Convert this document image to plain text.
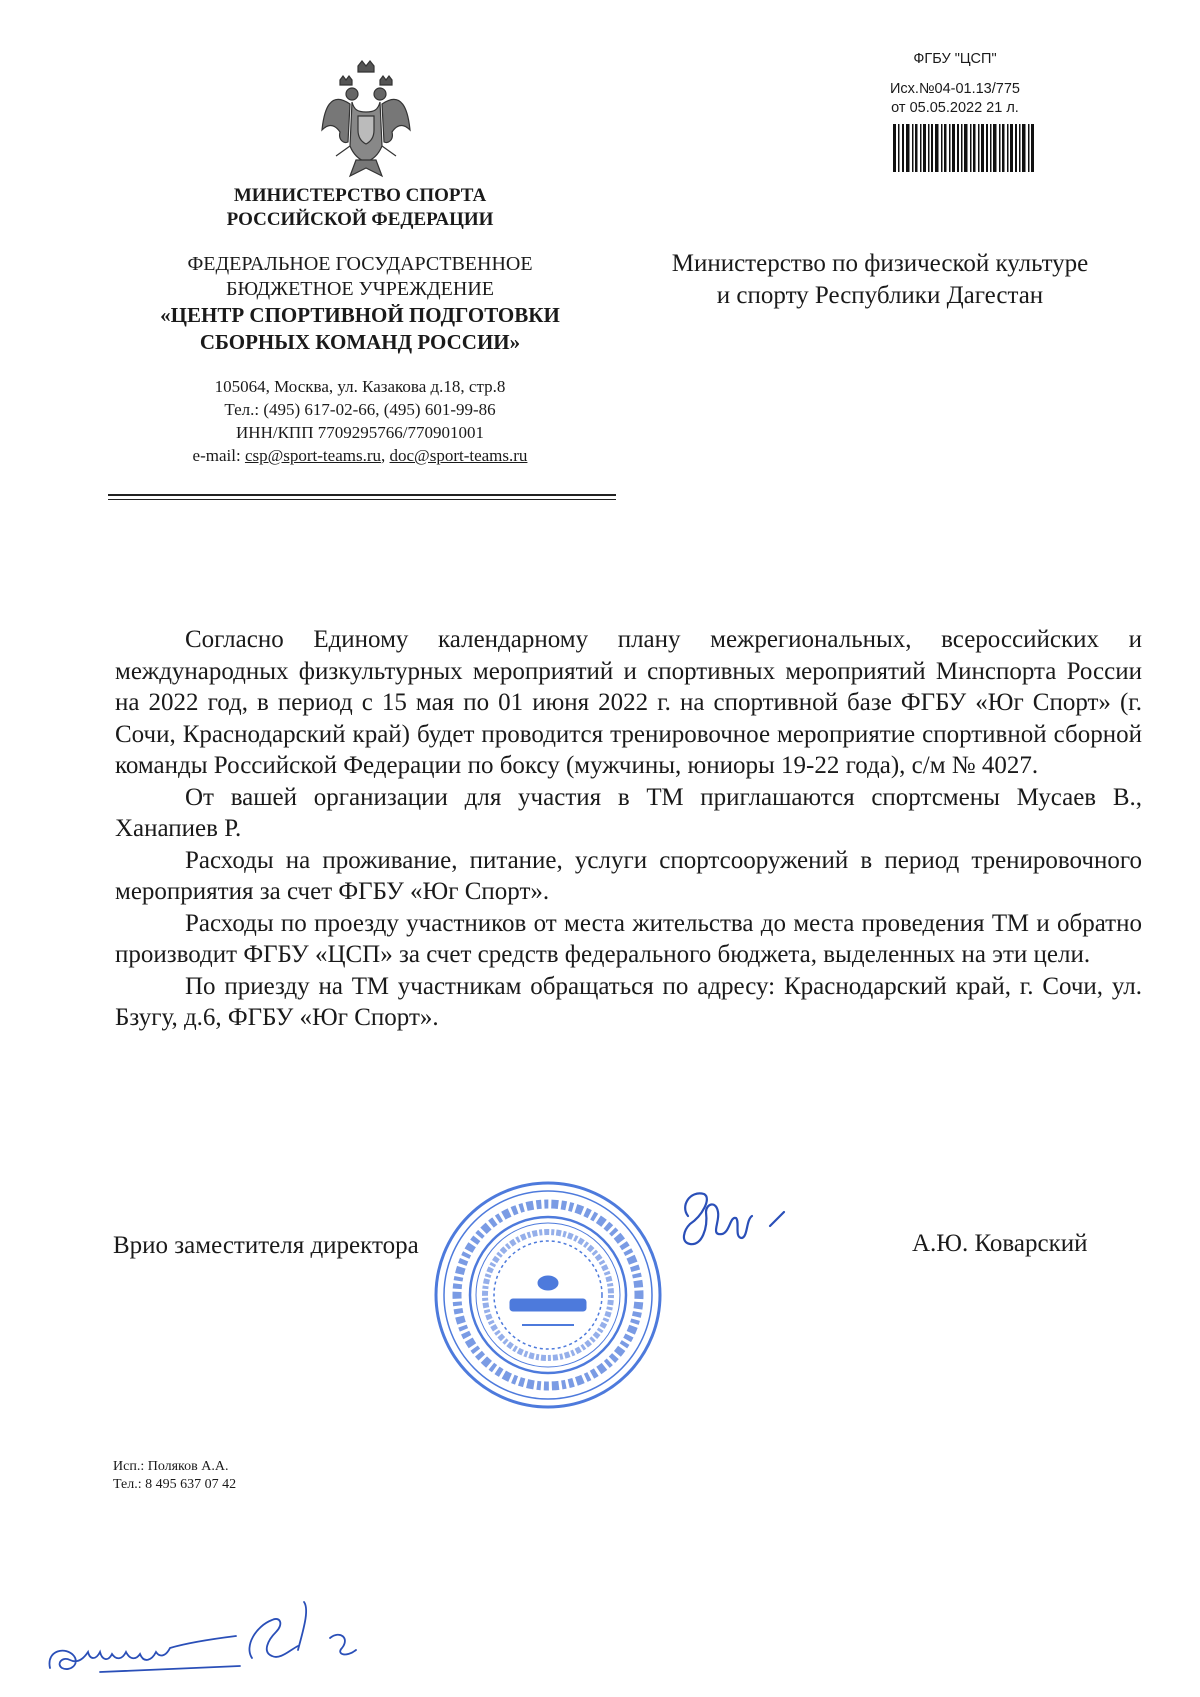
МИНИСТЕРСТВО СПОРТА
РОССИЙСКОЙ ФЕДЕРАЦИИ
ФЕДЕРАЛЬНОЕ ГОСУДАРСТВЕННОЕ
БЮДЖЕТНОЕ УЧРЕЖДЕНИЕ
«ЦЕНТР СПОРТИВНОЙ ПОДГОТОВКИ
СБОРНЫХ КОМАНД РОССИИ»
105064, Москва, ул. Казакова д.18, стр.8
Тел.: (495) 617-02-66, (495) 601-99-86
ИНН/КПП 7709295766/770901001
e-mail: csp@sport-teams.ru, doc@sport-teams.ru
ФГБУ "ЦСП"
Исх.№04-01.13/775
от 05.05.2022 21 л.
Министерство по физической культуре
и спорту Республики Дагестан

Согласно Единому календарному плану межрегиональных, всероссийских и международных физкультурных мероприятий и спортивных мероприятий Минспорта России на 2022 год, в период с 15 мая по 01 июня 2022 г. на спортивной базе ФГБУ «Юг Спорт» (г. Сочи, Краснодарский край) будет проводится тренировочное мероприятие спортивной сборной команды Российской Федерации по боксу (мужчины, юниоры 19-22 года), с/м № 4027.

От вашей организации для участия в ТМ приглашаются спортсмены Мусаев В., Ханапиев Р.

Расходы на проживание, питание, услуги спортсооружений в период тренировочного мероприятия за счет ФГБУ «Юг Спорт».

Расходы по проезду участников от места жительства до места проведения ТМ и обратно производит ФГБУ «ЦСП» за счет средств федерального бюджета, выделенных на эти цели.

По приезду на ТМ участникам обращаться по адресу: Краснодарский край, г. Сочи, ул. Бзугу, д.6, ФГБУ «Юг Спорт».

Врио заместителя директора	А.Ю. Коварский
Исп.: Поляков А.А.
Тел.: 8 495 637 07 42
